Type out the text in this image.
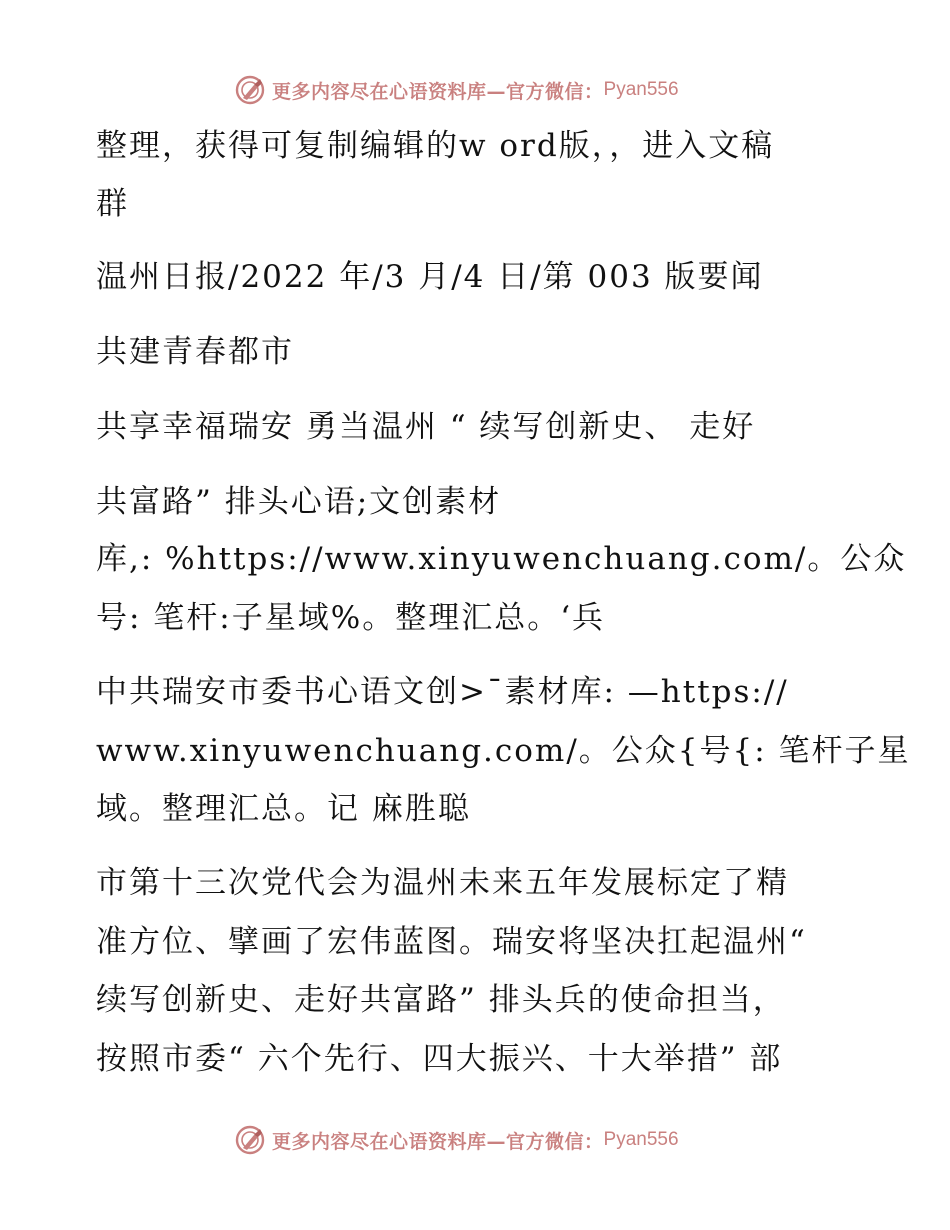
更多内容尽在心语资料库—官方微信： Pyan556
整理，获得可复制编辑的w ord版，，进入文稿
群
温州日报/2022 年/3 月/4 日/第 003 版要闻
共建青春都市
共享幸福瑞安 勇当温州 “ 续写创新史、 走好
共富路” 排头心语;文创素材
库,: %https://www.xinyuwenchuang.com/。公众
号: 笔杆:子星域%。整理汇总。‘兵
中共瑞安市委书心语文创>¯素材库: —https://
www.xinyuwenchuang.com/。公众{号{: 笔杆子星
域。整理汇总。记 麻胜聪
市第十三次党代会为温州未来五年发展标定了精
准方位、擘画了宏伟蓝图。瑞安将坚决扛起温州“
续写创新史、走好共富路” 排头兵的使命担当，
按照市委“ 六个先行、四大振兴、十大举措” 部
更多内容尽在心语资料库—官方微信： Pyan556
